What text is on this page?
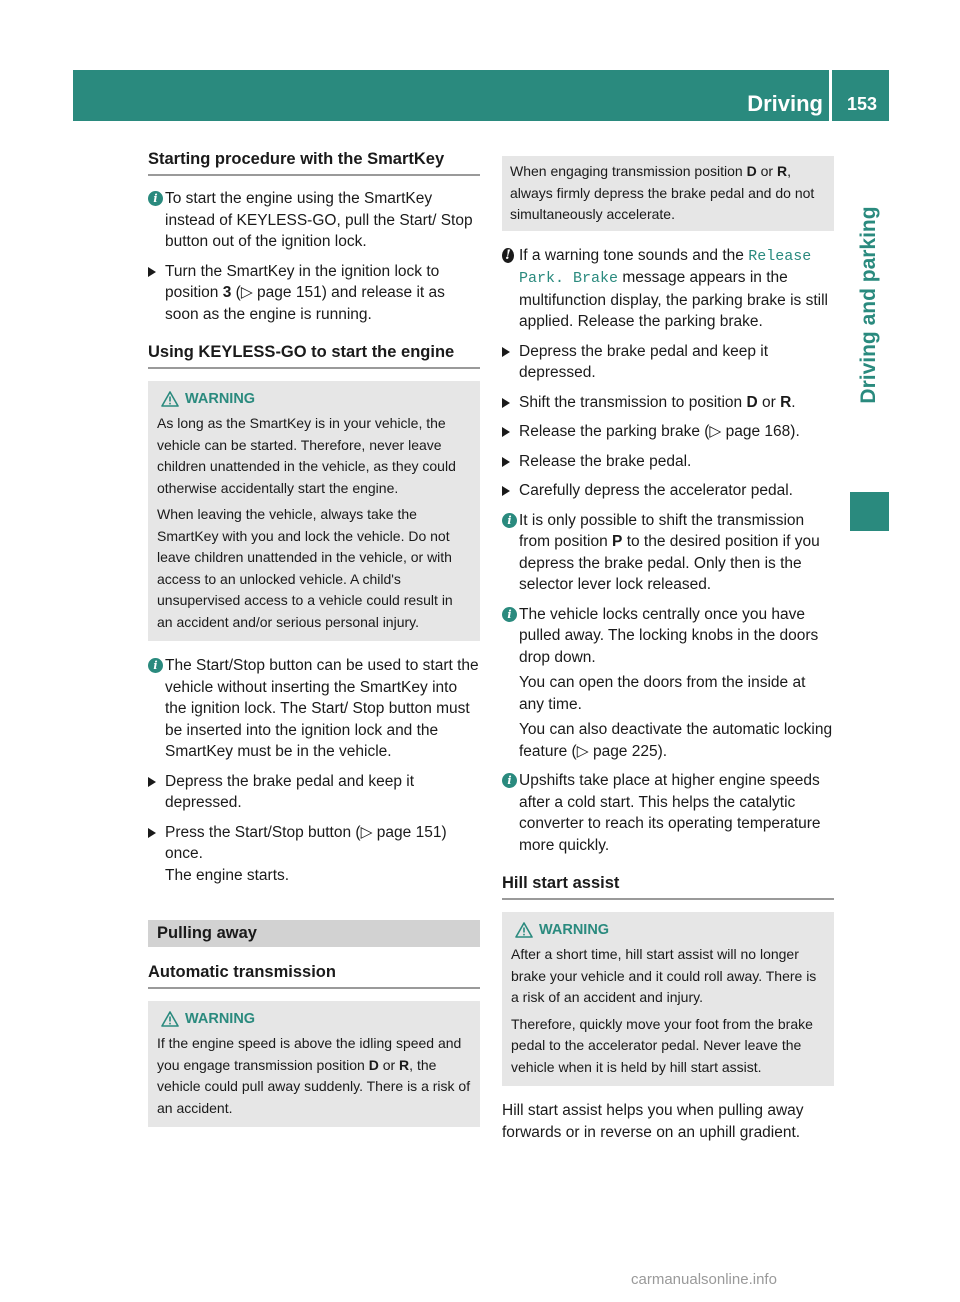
Driving	153
Driving and parking
Starting procedure with the SmartKey
i To start the engine using the SmartKey instead of KEYLESS-GO, pull the Start/ Stop button out of the ignition lock.
Turn the SmartKey in the ignition lock to position 3 (▷ page 151) and release it as soon as the engine is running.
Using KEYLESS-GO to start the engine
WARNING
As long as the SmartKey is in your vehicle, the vehicle can be started. Therefore, never leave children unattended in the vehicle, as they could otherwise accidentally start the engine.
When leaving the vehicle, always take the SmartKey with you and lock the vehicle. Do not leave children unattended in the vehicle, or with access to an unlocked vehicle. A child's unsupervised access to a vehicle could result in an accident and/or serious personal injury.
i The Start/Stop button can be used to start the vehicle without inserting the SmartKey into the ignition lock. The Start/ Stop button must be inserted into the ignition lock and the SmartKey must be in the vehicle.
Depress the brake pedal and keep it depressed.
Press the Start/Stop button (▷ page 151) once.
The engine starts.
Pulling away
Automatic transmission
WARNING
If the engine speed is above the idling speed and you engage transmission position D or R, the vehicle could pull away suddenly. There is a risk of an accident.
When engaging transmission position D or R, always firmly depress the brake pedal and do not simultaneously accelerate.
! If a warning tone sounds and the Release Park. Brake message appears in the multifunction display, the parking brake is still applied. Release the parking brake.
Depress the brake pedal and keep it depressed.
Shift the transmission to position D or R.
Release the parking brake (▷ page 168).
Release the brake pedal.
Carefully depress the accelerator pedal.
i It is only possible to shift the transmission from position P to the desired position if you depress the brake pedal. Only then is the selector lever lock released.
i The vehicle locks centrally once you have pulled away. The locking knobs in the doors drop down.
You can open the doors from the inside at any time.
You can also deactivate the automatic locking feature (▷ page 225).
i Upshifts take place at higher engine speeds after a cold start. This helps the catalytic converter to reach its operating temperature more quickly.
Hill start assist
WARNING
After a short time, hill start assist will no longer brake your vehicle and it could roll away. There is a risk of an accident and injury.
Therefore, quickly move your foot from the brake pedal to the accelerator pedal. Never leave the vehicle when it is held by hill start assist.
Hill start assist helps you when pulling away forwards or in reverse on an uphill gradient.
carmanualsonline.info
